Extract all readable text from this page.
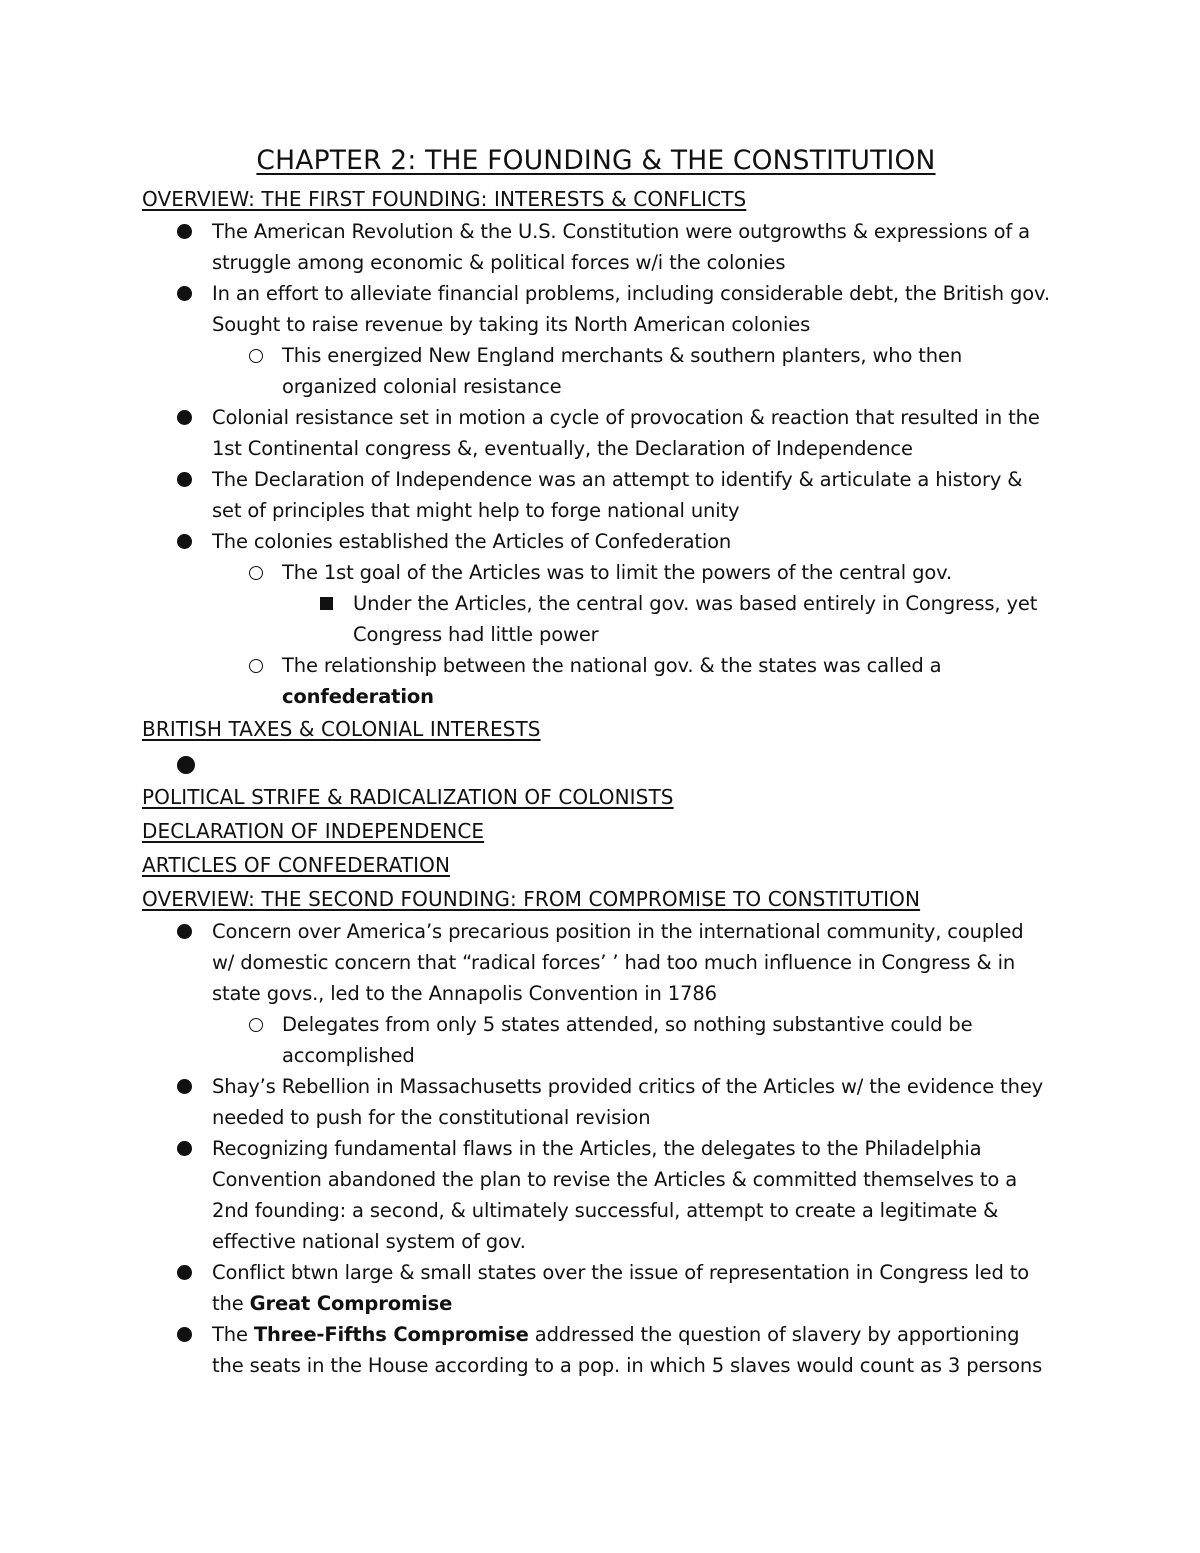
CHAPTER 2: THE FOUNDING & THE CONSTITUTION
OVERVIEW: THE FIRST FOUNDING: INTERESTS & CONFLICTS
The American Revolution & the U.S. Constitution were outgrowths & expressions of a struggle among economic & political forces w/i the colonies
In an effort to alleviate financial problems, including considerable debt, the British gov. Sought to raise revenue by taking its North American colonies
This energized New England merchants & southern planters, who then organized colonial resistance
Colonial resistance set in motion a cycle of provocation & reaction that resulted in the 1st Continental congress &, eventually, the Declaration of Independence
The Declaration of Independence was an attempt to identify & articulate a history & set of principles that might help to forge national unity
The colonies established the Articles of Confederation
The 1st goal of the Articles was to limit the powers of the central gov.
Under the Articles, the central gov. was based entirely in Congress, yet Congress had little power
The relationship between the national gov. & the states was called a confederation
BRITISH TAXES & COLONIAL INTERESTS
POLITICAL STRIFE & RADICALIZATION OF COLONISTS
DECLARATION OF INDEPENDENCE
ARTICLES OF CONFEDERATION
OVERVIEW: THE SECOND FOUNDING: FROM COMPROMISE TO CONSTITUTION
Concern over America’s precarious position in the international community, coupled w/ domestic concern that “radical forces’ ’ had too much influence in Congress & in state govs., led to the Annapolis Convention in 1786
Delegates from only 5 states attended, so nothing substantive could be accomplished
Shay’s Rebellion in Massachusetts provided critics of the Articles w/ the evidence they needed to push for the constitutional revision
Recognizing fundamental flaws in the Articles, the delegates to the Philadelphia Convention abandoned the plan to revise the Articles & committed themselves to a 2nd founding: a second, & ultimately successful, attempt to create a legitimate & effective national system of gov.
Conflict btwn large & small states over the issue of representation in Congress led to the Great Compromise
The Three-Fifths Compromise addressed the question of slavery by apportioning the seats in the House according to a pop. in which 5 slaves would count as 3 persons
